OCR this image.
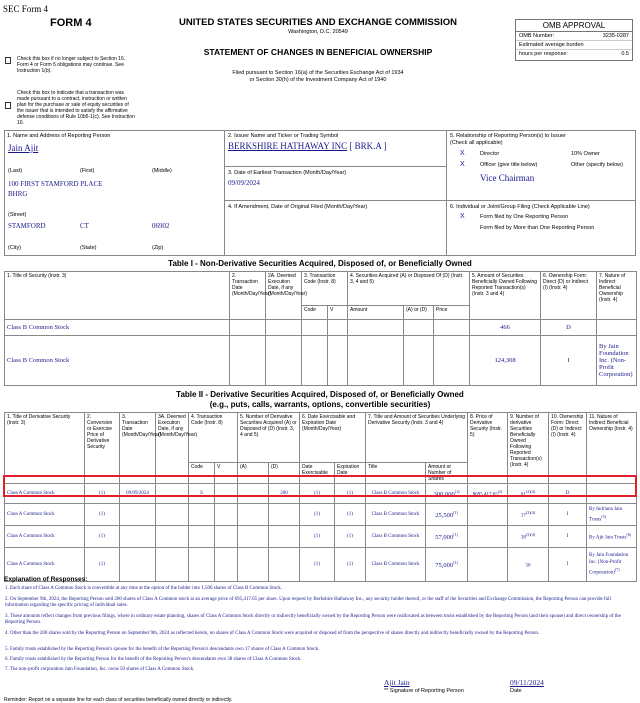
SEC Form 4
FORM 4	UNITED STATES SECURITIES AND EXCHANGE COMMISSION
Washington, D.C. 20549
STATEMENT OF CHANGES IN BENEFICIAL OWNERSHIP
Filed pursuant to Section 16(a) of the Securities Exchange Act of 1934
or Section 30(h) of the Investment Company Act of 1940
Check this box if no longer subject to Section 16. Form 4 or Form 5 obligations may continue. See Instruction 1(b).
Check this box to indicate that a transaction was made pursuant to a contract, instruction or written plan for the purchase or sale of equity securities of the issuer that is intended to satisfy the affirmative defense conditions of Rule 10b5-1(c). See Instruction 10.
OMB APPROVAL
OMB Number:	3235-0287
Estimated average burden
hours per response:	0.5
1. Name and Address of Reporting Person
Jain Ajit
(Last)	(First)	(Middle)
100 FIRST STAMFORD PLACE
BHRG
(Street)
STAMFORD	CT	06902
(City)	(State)	(Zip)
2. Issuer Name and Ticker or Trading Symbol
BERKSHIRE HATHAWAY INC [ BRK.A ]
3. Date of Earliest Transaction (Month/Day/Year)
09/09/2024
4. If Amendment, Date of Original Filed (Month/Day/Year)
5. Relationship of Reporting Person(s) to Issuer
(Check all applicable)
X	Director	10% Owner
X	Officer (give title below)	Other (specify below)
Vice Chairman
6. Individual or Joint/Group Filing (Check Applicable Line)
X	Form filed by One Reporting Person
Form filed by More than One Reporting Person
Table I - Non-Derivative Securities Acquired, Disposed of, or Beneficially Owned
1. Title of Security (Instr. 3)	2. Transaction Date (Month/Day/Year)	2A. Deemed Execution Date, if any (Month/Day/Year)	3. Transaction Code (Instr. 8)		4. Securities Acquired (A) or Disposed Of (D) (Instr. 3, 4 and 5)			5. Amount of Securities Beneficially Owned Following Reported Transaction(s) (Instr. 3 and 4)	6. Ownership Form: Direct (D) or Indirect (I) (Instr. 4)	7. Nature of Indirect Beneficial Ownership (Instr. 4)
			Code	V	Amount	(A) or (D)	Price			
Class B Common Stock								466	D	
Class B Common Stock								124,308	I	By Jain Foundation Inc. (Non-Profit Corporation)
Table II - Derivative Securities Acquired, Disposed of, or Beneficially Owned
(e.g., puts, calls, warrants, options, convertible securities)
1. Title of Derivative Security (Instr. 3)	2. Conversion or Exercise Price of Derivative Security	3. Transaction Date (Month/Day/Year)	3A. Deemed Execution Date, if any (Month/Day/Year)	4. Transaction Code (Instr. 8)		5. Number of Derivative Securities Acquired (A) or Disposed of (D) (Instr. 3, 4 and 5)		6. Date Exercisable and Expiration Date (Month/Day/Year)		7. Title and Amount of Securities Underlying Derivative Security (Instr. 3 and 4)		8. Price of Derivative Security (Instr. 5)	9. Number of derivative Securities Beneficially Owned Following Reported Transaction(s) (Instr. 4)	10. Ownership Form: Direct (D) or Indirect (I) (Instr. 4)	11. Nature of Indirect Beneficial Ownership (Instr. 4)
				Code	V	(A)	(D)	Date Exercisable	Expiration Date	Title	Amount or Number of Shares				
Class A Common Stock	(1)	09/09/2024		S			200	(1)	(1)	Class B Common Stock	300,000$^{(1)}$	$695,417.65$^{(2)}$	$61^{(3)(4)}$	D	
Class A Common Stock	(1)							(1)	(1)	Class B Common Stock	25,500$^{(1)}$		$17^{(3)(4)}$	I	By Indriana Jain Trusts$^{(5)}$
Class A Common Stock	(1)							(1)	(1)	Class B Common Stock	57,000$^{(1)}$		$38^{(3)(4)}$	I	By Ajit Jain Trusts$^{(6)}$
Class A Common Stock	(1)							(1)	(1)	Class B Common Stock	75,000$^{(1)}$		50	I	By Jain Foundation Inc. (Non-Profit Corporation)$^{(7)}$
Explanation of Responses:
1. Each share of Class A Common Stock is convertible at any time at the option of the holder into 1,500 shares of Class B Common Stock.
2. On September 9th, 2024, the Reporting Person sold 200 shares of Class A Common stock at an average price of 695,417.65 per share. Upon request by Berkshire Hathaway Inc., any security holder thereof, or the staff of the Securities and Exchange Commission, the Reporting Person can provide full information regarding the specific pricing of individual sales.
3. These amounts reflect changes from previous filings, where in ordinary estate planning, shares of Class A Common Stock directly or indirectly beneficially owned by the Reporting Person were reallocated as between trusts established by the Reporting Person (and their spouse) and direct ownership of the Reporting Person.
4. Other than the 200 shares sold by the Reporting Person on September 9th, 2024 as reflected herein, no shares of Class A Common Stock were acquired or disposed of from the perspective of shares directly and indirectly beneficially owned by the Reporting Person.
5. Family trusts established by the Reporting Person's spouse for the benefit of the Reporting Person's descendants own 17 shares of Class A Common Stock.
6. Family trusts established by the Reporting Person for the benefit of the Reporting Person's descendants own 38 shares of Class A Common Stock.
7. The non-profit corporation Jain Foundation, Inc. owns 50 shares of Class A Common Stock.
Ajit Jain
** Signature of Reporting Person
09/11/2024
Date
Reminder: Report on a separate line for each class of securities beneficially owned directly or indirectly.
